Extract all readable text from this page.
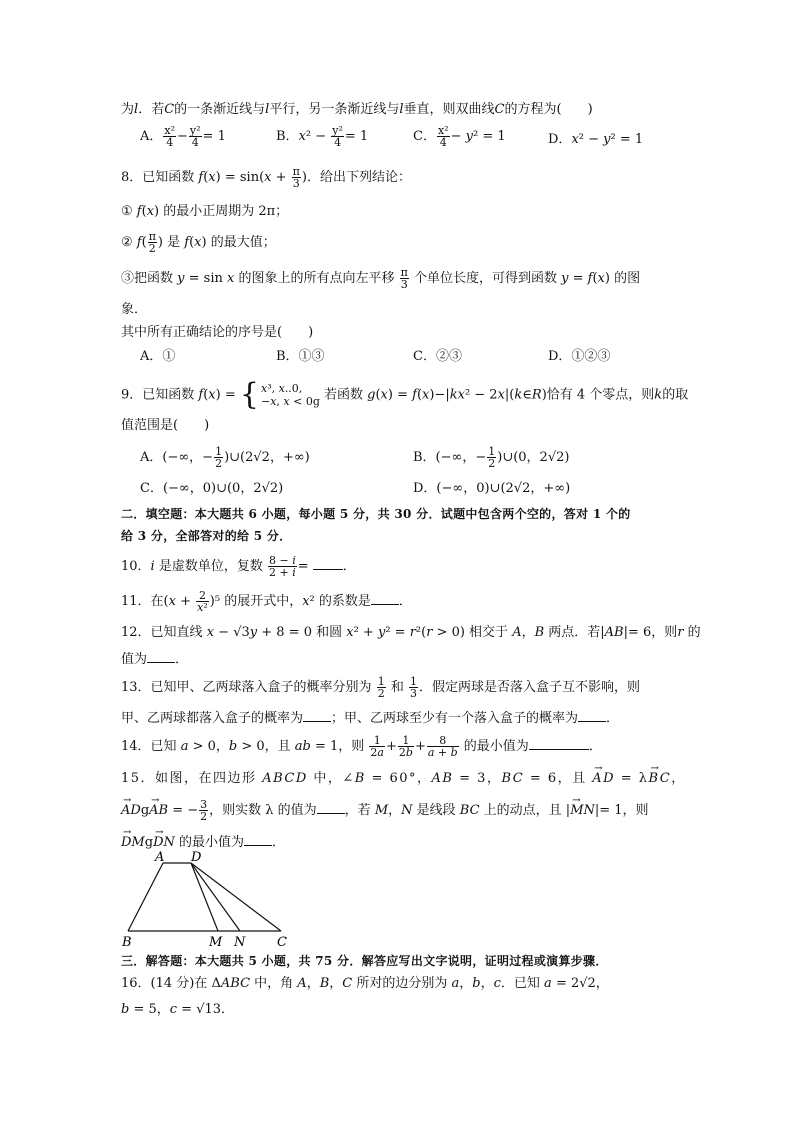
为l．若C的一条渐近线与l平行，另一条渐近线与l垂直，则双曲线C的方程为(　　)
A． $\frac{\text{x²}}{4} - \frac{\text{y²}}{4} = 1$	B．$x^2 - \frac{\text{y²}}{4} = 1$	C． $\frac{\text{x²}}{4} - y^2 = 1$	D．x² − y² = 1
8．已知函数 $f(x) = \sin(x + \frac{\pi}{3}$ )．给出下列结论：
① f(x) 的最小正周期为 2π；
② $f( \frac{\pi}{2}$ ) 是 f(x) 的最大值；
③把函数 y = sin x 的图象上的所有点向左平移 $\frac{\pi}{3}$ 个单位长度，可得到函数 y = f(x) 的图
象．
其中所有正确结论的序号是(　　)
A．①	B．①③	C．②③	D．①②③
9．已知函数 f(x) = { x³, x..0,
−x, x < 0g 若函数 g(x) = f(x)−|kx² − 2x|(k∈R)恰有 4 个零点，则k的取
值范围是(　　)
A．(−∞，− $\frac{1}{2}$ )∪(2√2，+∞)	B．(−∞，− $\frac{1}{2}$ )∪(0，2√2)
C．(−∞，0)∪(0，2√2)	D．(−∞，0)∪(2√2，+∞)
二．填空题：本大题共 6 小题，每小题 5 分，共 30 分．试题中包含两个空的，答对 1 个的
给 3 分，全部答对的给 5 分．
10．i 是虚数单位，复数 $\frac{8 - i}{2 + i}$ = ．
11．在$(x + \frac{2}{\text{x²}} )^5$ 的展开式中，x² 的系数是 ．
12．已知直线 x − √3y + 8 = 0 和圆 x² + y² = r²(r > 0) 相交于 A，B 两点．若|AB|= 6，则r 的
值为 ．
13．已知甲、乙两球落入盒子的概率分别为 $\frac{1}{2}$ 和 $\frac{1}{3}$ ．假定两球是否落入盒子互不影响，则
甲、乙两球都落入盒子的概率为 ；甲、乙两球至少有一个落入盒子的概率为 ．
14．已知 a > 0，b > 0，且 ab = 1，则 $\frac{1}{2a} + \frac{1}{2b} + \frac{8}{a + b}$ 的最小值为	．
15．如图，在四边形 ABCD 中，∠B = 60°，AB = 3，BC = 6，且 → AD = λ→ BC，
→ ADg→ AB = − $\frac{3}{2}$ ，则实数 λ 的值为 ，若 M，N 是线段 BC 上的动点，且 |→ MN|= 1，则
→ DMg→ DN 的最小值为 ．
A D
B	M N C
三．解答题：本大题共 5 小题，共 75 分．解答应写出文字说明，证明过程或演算步骤．
16．(14 分)在 ΔABC 中，角 A，B，C 所对的边分别为 a，b，c．已知 a = 2√2，
b = 5，c = √13．
